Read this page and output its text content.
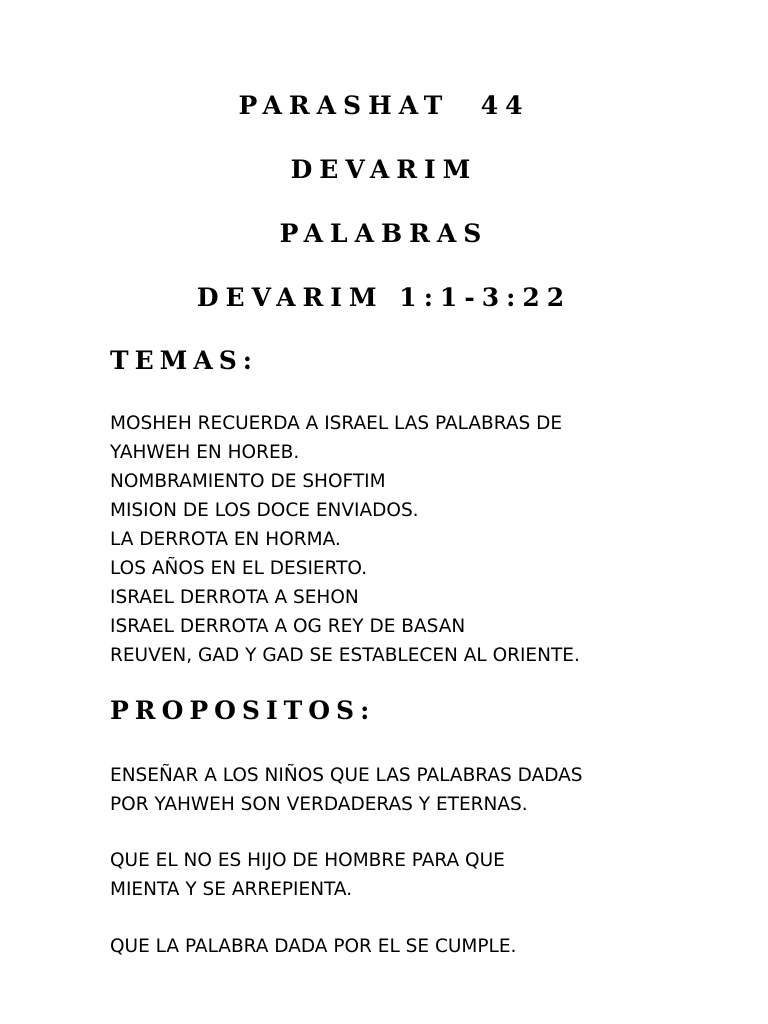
PARASHAT  44
DEVARIM
PALABRAS
DEVARIM 1:1-3:22
TEMAS:
MOSHEH RECUERDA A ISRAEL LAS PALABRAS DE
YAHWEH EN HOREB.
NOMBRAMIENTO DE SHOFTIM
MISION DE LOS DOCE ENVIADOS.
LA DERROTA EN HORMA.
LOS AÑOS EN EL DESIERTO.
ISRAEL DERROTA A SEHON
ISRAEL DERROTA A OG REY DE BASAN
REUVEN, GAD Y GAD SE ESTABLECEN AL ORIENTE.
PROPOSITOS:
ENSEÑAR A LOS NIÑOS QUE LAS PALABRAS DADAS
POR YAHWEH SON VERDADERAS Y ETERNAS.
QUE EL NO ES HIJO DE HOMBRE PARA QUE
MIENTA Y SE ARREPIENTA.
QUE LA PALABRA DADA POR EL SE CUMPLE.
